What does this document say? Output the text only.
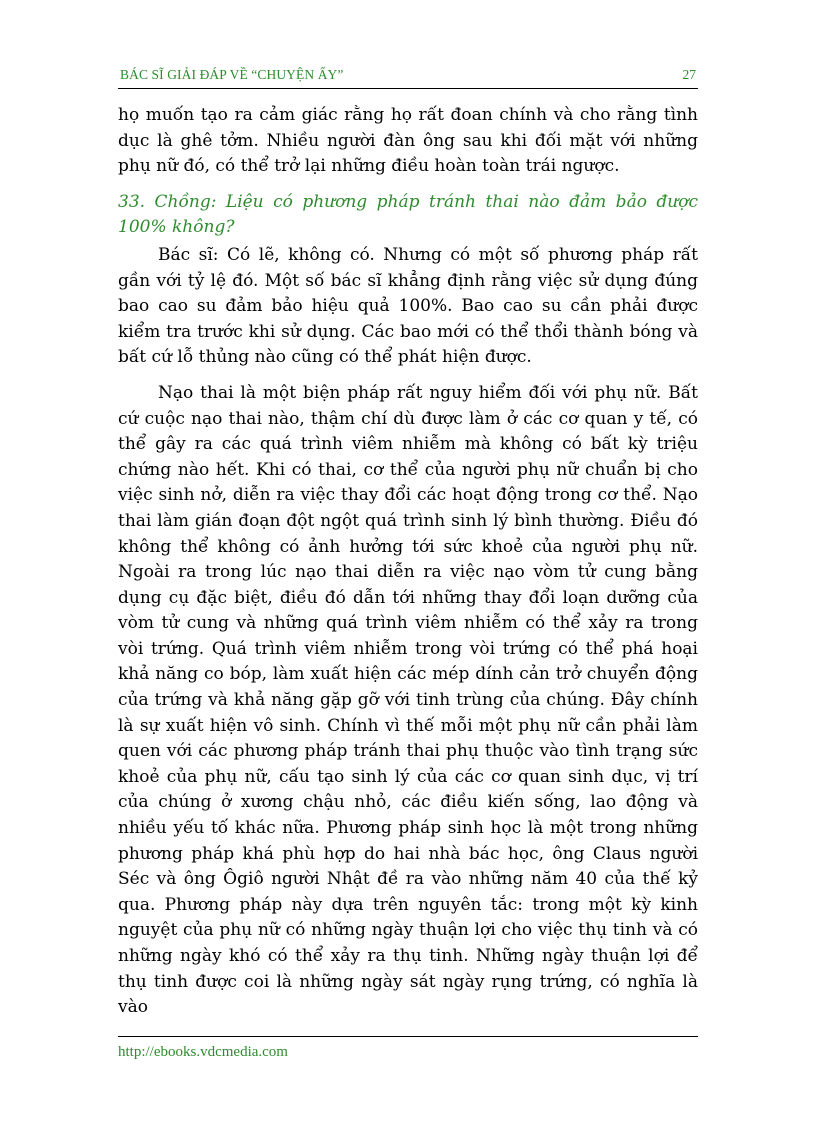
BÁC SĨ GIẢI ĐÁP VỀ “CHUYỆN ẤY”	27

họ muốn tạo ra cảm giác rằng họ rất đoan chính và cho rằng tình dục là ghê tởm. Nhiều người đàn ông sau khi đối mặt với những phụ nữ đó, có thể trở lại những điều hoàn toàn trái ngược.

33. Chồng: Liệu có phương pháp tránh thai nào đảm bảo được 100% không?

Bác sĩ: Có lẽ, không có. Nhưng có một số phương pháp rất gần với tỷ lệ đó. Một số bác sĩ khẳng định rằng việc sử dụng đúng bao cao su đảm bảo hiệu quả 100%. Bao cao su cần phải được kiểm tra trước khi sử dụng. Các bao mới có thể thổi thành bóng và bất cứ lỗ thủng nào cũng có thể phát hiện được.

Nạo thai là một biện pháp rất nguy hiểm đối với phụ nữ. Bất cứ cuộc nạo thai nào, thậm chí dù được làm ở các cơ quan y tế, có thể gây ra các quá trình viêm nhiễm mà không có bất kỳ triệu chứng nào hết. Khi có thai, cơ thể của người phụ nữ chuẩn bị cho việc sinh nở, diễn ra việc thay đổi các hoạt động trong cơ thể. Nạo thai làm gián đoạn đột ngột quá trình sinh lý bình thường. Điều đó không thể không có ảnh hưởng tới sức khoẻ của người phụ nữ. Ngoài ra trong lúc nạo thai diễn ra việc nạo vòm tử cung bằng dụng cụ đặc biệt, điều đó dẫn tới những thay đổi loạn dưỡng của vòm tử cung và những quá trình viêm nhiễm có thể xảy ra trong vòi trứng. Quá trình viêm nhiễm trong vòi trứng có thể phá hoại khả năng co bóp, làm xuất hiện các mép dính cản trở chuyển động của trứng và khả năng gặp gỡ với tinh trùng của chúng. Đây chính là sự xuất hiện vô sinh. Chính vì thế mỗi một phụ nữ cần phải làm quen với các phương pháp tránh thai phụ thuộc vào tình trạng sức khoẻ của phụ nữ, cấu tạo sinh lý của các cơ quan sinh dục, vị trí của chúng ở xương chậu nhỏ, các điều kiến sống, lao động và nhiều yếu tố khác nữa. Phương pháp sinh học là một trong những phương pháp khá phù hợp do hai nhà bác học, ông Claus người Séc và ông Ôgiô người Nhật đề ra vào những năm 40 của thế kỷ qua. Phương pháp này dựa trên nguyên tắc: trong một kỳ kinh nguyệt của phụ nữ có những ngày thuận lợi cho việc thụ tinh và có những ngày khó có thể xảy ra thụ tinh. Những ngày thuận lợi để thụ tinh được coi là những ngày sát ngày rụng trứng, có nghĩa là vào

http://ebooks.vdcmedia.com
